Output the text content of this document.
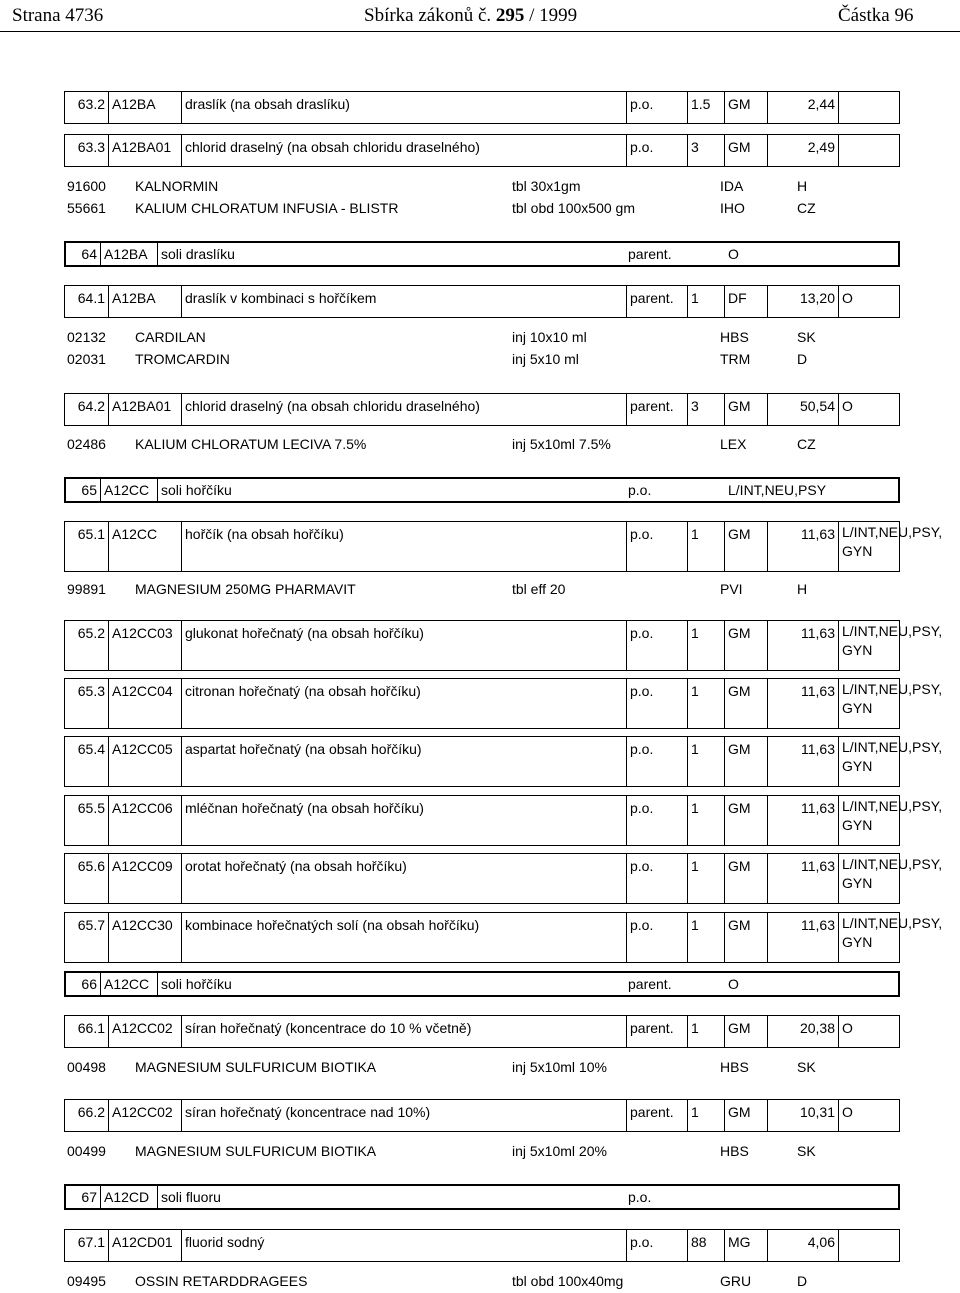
Strana 4736	Sbírka zákonů č. 295 / 1999	Částka 96
63.2 A12BA	draslík (na obsah draslíku)	p.o.	1.5	GM	2,44
63.3 A12BA01 chlorid draselný (na obsah chloridu draselného)	p.o.	3	GM	2,49
91600 KALNORMIN	tbl 30x1gm	IDA	H
55661 KALIUM CHLORATUM INFUSIA - BLISTR	tbl obd 100x500 gm	IHO	CZ
64 A12BA soli draslíku	parent.	O
64.1 A12BA	draslík v kombinaci s hořčíkem	parent.	1	DF	13,20 O
02132 CARDILAN	inj 10x10 ml	HBS	SK
02031 TROMCARDIN	inj 5x10 ml	TRM	D
64.2 A12BA01 chlorid draselný (na obsah chloridu draselného)	parent.	3	GM	50,54 O
02486 KALIUM CHLORATUM LECIVA 7.5%	inj 5x10ml 7.5%	LEX	CZ
65 A12CC soli hořčíku	p.o.	L/INT,NEU,PSY
65.1 A12CC	hořčík (na obsah hořčíku)	p.o.	1	GM	11,63 L/INT,NEU,PSY,
GYN
99891 MAGNESIUM 250MG PHARMAVIT	tbl eff 20	PVI	H
65.2 A12CC03 glukonat hořečnatý (na obsah hořčíku)	p.o.	1	GM	11,63 L/INT,NEU,PSY,
GYN
65.3 A12CC04 citronan hořečnatý (na obsah hořčíku)	p.o.	1	GM	11,63 L/INT,NEU,PSY,
GYN
65.4 A12CC05 aspartat hořečnatý (na obsah hořčíku)	p.o.	1	GM	11,63 L/INT,NEU,PSY,
GYN
65.5 A12CC06 mléčnan hořečnatý (na obsah hořčíku)	p.o.	1	GM	11,63 L/INT,NEU,PSY,
GYN
65.6 A12CC09 orotat hořečnatý (na obsah hořčíku)	p.o.	1	GM	11,63 L/INT,NEU,PSY,
GYN
65.7 A12CC30 kombinace hořečnatých solí (na obsah hořčíku)	p.o.	1	GM	11,63 L/INT,NEU,PSY,
GYN
66 A12CC soli hořčíku	parent.	O
66.1 A12CC02 síran hořečnatý (koncentrace do 10 % včetně)	parent.	1	GM	20,38 O
00498 MAGNESIUM SULFURICUM BIOTIKA	inj 5x10ml 10%	HBS	SK
66.2 A12CC02 síran hořečnatý (koncentrace nad 10%)	parent.	1	GM	10,31 O
00499 MAGNESIUM SULFURICUM BIOTIKA	inj 5x10ml 20%	HBS	SK
67 A12CD soli fluoru	p.o.
67.1 A12CD01 fluorid sodný	p.o.	88	MG	4,06
09495 OSSIN RETARDDRAGEES	tbl obd 100x40mg	GRU	D
